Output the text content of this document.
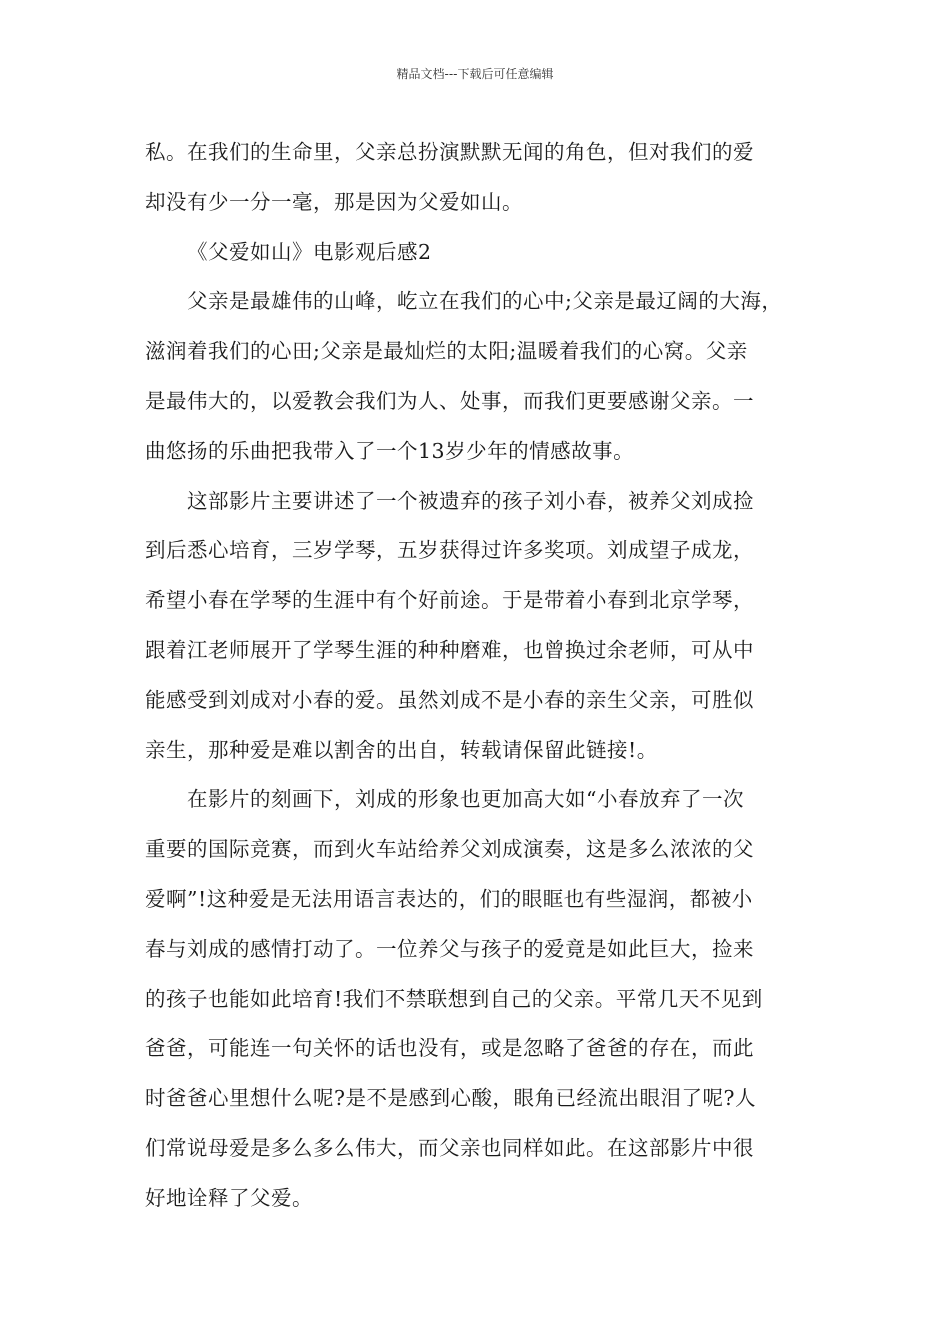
精品文档---下载后可任意编辑
私。在我们的生命里，父亲总扮演默默无闻的角色，但对我们的爱
却没有少一分一毫，那是因为父爱如山。
《父爱如山》电影观后感2
父亲是最雄伟的山峰，屹立在我们的心中;父亲是最辽阔的大海，
滋润着我们的心田;父亲是最灿烂的太阳;温暖着我们的心窝。父亲
是最伟大的，以爱教会我们为人、处事，而我们更要感谢父亲。一
曲悠扬的乐曲把我带入了一个13岁少年的情感故事。
这部影片主要讲述了一个被遗弃的孩子刘小春，被养父刘成捡
到后悉心培育，三岁学琴，五岁获得过许多奖项。刘成望子成龙，
希望小春在学琴的生涯中有个好前途。于是带着小春到北京学琴，
跟着江老师展开了学琴生涯的种种磨难，也曾换过余老师，可从中
能感受到刘成对小春的爱。虽然刘成不是小春的亲生父亲，可胜似
亲生，那种爱是难以割舍的出自，转载请保留此链接!。
在影片的刻画下，刘成的形象也更加高大如“小春放弃了一次
重要的国际竞赛，而到火车站给养父刘成演奏，这是多么浓浓的父
爱啊”!这种爱是无法用语言表达的，们的眼眶也有些湿润，都被小
春与刘成的感情打动了。一位养父与孩子的爱竟是如此巨大，捡来
的孩子也能如此培育!我们不禁联想到自己的父亲。平常几天不见到
爸爸，可能连一句关怀的话也没有，或是忽略了爸爸的存在，而此
时爸爸心里想什么呢?是不是感到心酸，眼角已经流出眼泪了呢?人
们常说母爱是多么多么伟大，而父亲也同样如此。在这部影片中很
好地诠释了父爱。
